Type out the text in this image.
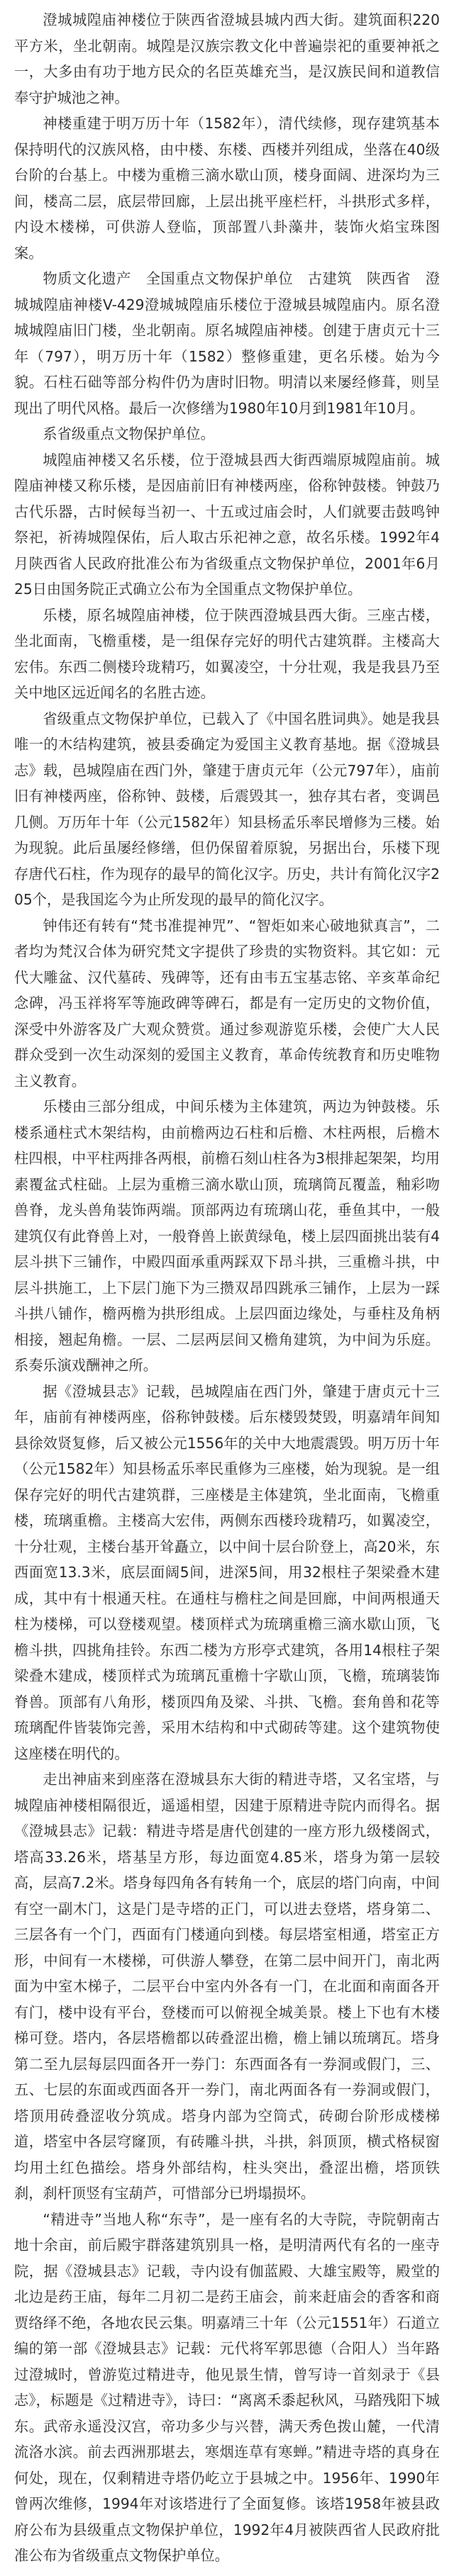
澄城城隍庙神楼位于陕西省澄城县城内西大街。建筑面积220平方米，坐北朝南。城隍是汉族宗教文化中普遍崇祀的重要神祇之一，大多由有功于地方民众的名臣英雄充当，是汉族民间和道教信奉守护城池之神。

神楼重建于明万历十年（1582年），清代续修，现存建筑基本保持明代的汉族风格，由中楼、东楼、西楼并列组成，坐落在40级台阶的台基上。中楼为重檐三滴水歇山顶，楼身面阔、进深均为三间，楼高二层，底层带回廊，上层出挑平座栏杆，斗拱形式多样，内设木楼梯，可供游人登临，顶部置八卦藻井，装饰火焰宝珠图案。

物质文化遗产　全国重点文物保护单位　古建筑　陕西省　澄城城隍庙神楼V-429澄城城隍庙乐楼位于澄城县城隍庙内。原名澄城城隍庙旧门楼，坐北朝南。原名城隍庙神楼。创建于唐贞元十三年（797），明万历十年（1582）整修重建，更名乐楼。始为今貌。石柱石础等部分构件仍为唐时旧物。明清以来屡经修葺，则呈现出了明代风格。最后一次修缮为1980年10月到1981年10月。

系省级重点文物保护单位。

城隍庙神楼又名乐楼，位于澄城县西大街西端原城隍庙前。城隍庙神楼又称乐楼，是因庙前旧有神楼两座，俗称钟鼓楼。钟鼓乃古代乐器，古时候每当初一、十五或过庙会时，人们就要击鼓鸣钟祭祀，祈祷城隍保佑，后人取古乐祀神之意，故名乐楼。1992年4月陕西省人民政府批准公布为省级重点文物保护单位，2001年6月25日由国务院正式确立公布为全国重点文物保护单位。

乐楼，原名城隍庙神楼，位于陕西澄城县西大街。三座古楼，坐北面南，飞檐重楼，是一组保存完好的明代古建筑群。主楼高大宏伟。东西二侧楼玲珑精巧，如翼凌空，十分壮观，我是我县乃至关中地区远近闻名的名胜古迹。

省级重点文物保护单位，已载入了《中国名胜词典》。她是我县唯一的木结构建筑，被县委确定为爱国主义教育基地。据《澄城县志》载，邑城隍庙在西门外，肇建于唐贞元年（公元797年），庙前旧有神楼两座，俗称钟、鼓楼，后震毁其一，独存其右者，变调邑几侧。万历年十年（公元1582年）知县杨孟乐率民增修为三楼。始为现貌。此后虽屡经修缮，但仍保留着原貌，另据出台，乐楼下现存唐代石柱，作为现存的最早的简化汉字。历史，共计有简化汉字205个，是我国迄今为止所发现的最早的简化汉字。

钟伟还有转有“梵书准提神咒”、“智炬如来心破地狱真言”，二者均为梵汉合体为研究梵文字提供了珍贵的实物资料。其它如：元代大雕盆、汉代墓砖、残碑等，还有由韦五宝基志铭、辛亥革命纪念碑，冯玉祥将军等施政碑等碑石，都是有一定历史的文物价值，深受中外游客及广大观众赞赏。通过参观游览乐楼，会使广大人民群众受到一次生动深刻的爱国主义教育，革命传统教育和历史唯物主义教育。

乐楼由三部分组成，中间乐楼为主体建筑，两边为钟鼓楼。乐楼系通柱式木架结构，由前檐两边石柱和后檐、木柱两根，后檐木柱四根，中平柱两排各两根，前檐石刻山柱各为3根排起架架，均用素覆盆式柱础。上层为重檐三滴水歇山顶，琉璃筒瓦覆盖，釉彩吻兽脊，龙头兽角装饰两端。顶部两边有琉璃山花，垂鱼其中，一般建筑仅有此脊兽上对，一般脊兽上嵌黄绿龟，楼上层四面挑出装有4层斗拱下三铺作，中殿四面承重两踩双下昂斗拱，三重檐斗拱，中层斗拱施工，上下层门施下为三攒双昂四跳承三铺作，上层为一踩斗拱八铺作，檐两檐为拱形组成。上层四面边缘处，与垂柱及角柄相接，翘起角檐。一层、二层两层间又檐角建筑，为中间为乐庭。系奏乐演戏酬神之所。

据《澄城县志》记载，邑城隍庙在西门外，肇建于唐贞元十三年，庙前有神楼两座，俗称钟鼓楼。后东楼毁焚毁，明嘉靖年间知县徐效贤复修，后又被公元1556年的关中大地震震毁。明万历十年（公元1582年）知县杨孟乐率民重修为三座楼，始为现貌。是一组保存完好的明代古建筑群，三座楼是主体建筑，坐北面南，飞檐重楼，琉璃重檐。主楼高大宏伟，两侧东西楼玲珑精巧，如翼凌空，十分壮观，主楼台基开耸矗立，以中间十层台阶登上，高20米，东西面宽13.3米，底层面阔5间，进深5间，用32根柱子架梁叠木建成，其中有十根通天柱。在通柱与檐柱之间是回廊，中间两根通天柱为楼梯，可以登楼观望。楼顶样式为琉璃重檐三滴水歇山顶，飞檐斗拱，四挑角挂铃。东西二楼为方形亭式建筑，各用14根柱子架梁叠木建成，楼顶样式为琉璃瓦重檐十字歇山顶，飞檐，琉璃装饰脊兽。顶部有八角形，楼顶四角及梁、斗拱、飞檐。套角兽和花等琉璃配件皆装饰完善，采用木结构和中式砌砖等建。这个建筑物使这座楼在明代的。

走出神庙来到座落在澄城县东大街的精进寺塔，又名宝塔，与城隍庙神楼相隔很近，遥遥相望，因建于原精进寺院内而得名。据《澄城县志》记载：精进寺塔是唐代创建的一座方形九级楼阁式，塔高33.26米，塔基呈方形，每边面宽4.85米，塔身为第一层较高，层高7.2米。塔身每四角各有转角一个，底层的塔门向南，中间有空一副木门，这是门是寺塔的正门，可以进去登塔，塔身第二、三层各有一个门，西面有门楼通向到楼。每层塔室相通，塔室正方形，中间有一木楼梯，可供游人攀登，在第二层中间开门，南北两面为中室木梯子，二层平台中室内外各有一门，在北面和南面各开有门，楼中设有平台，登楼而可以俯视全城美景。楼上下也有木楼梯可登。塔内，各层塔檐都以砖叠涩出檐，檐上铺以琉璃瓦。塔身第二至九层每层四面各开一券门：东西面各有一券洞或假门，三、五、七层的东面或西面各开一券门，南北两面各有一券洞或假门，塔顶用砖叠涩收分筑成。塔身内部为空筒式，砖砌台阶形成楼梯道，塔室中各层穹窿顶，有砖雕斗拱，斗拱，斜顶顶，横式格棂窗均用土红色描绘。塔身外部结构，柱头突出，叠涩出檐，塔顶铁刹，刹杆顶竖有宝葫芦，可惜部分已坍塌损坏。

“精进寺”当地人称“东寺”，是一座有名的大寺院，寺院朝南古地十余亩，前后殿宇群落建筑别具一格，是明清两代有名的一座寺院，据《澄城县志》记载，寺内设有伽蓝殿、大雄宝殿等，殿堂的北边是药王庙，每年二月初二是药王庙会，前来赶庙会的香客和商贾络绎不绝，各地农民云集。明嘉靖三十年（公元1551年）石道立编的第一部《澄城县志》记载：元代将军郭思德（合阳人）当年路过澄城时，曾游览过精进寺，他见景生情，曾写诗一首刻录于《县志》，标题是《过精进寺》，诗曰：“离离禾黍起秋风，马踏残阳下城东。武帝永遥没汉宫，帝功多少与兴替，满天秀色拨山麓，一代清流洛水滨。前去西洲那堪去，寒烟连草有寒蝉。”精进寺塔的真身在何处，现在，仅剩精进寺塔仍屹立于县城之中。1956年、1990年曾两次维修，1994年对该塔进行了全面复修。该塔1958年被县政府公布为县级重点文物保护单位，1992年4月被陕西省人民政府批准公布为省级重点文物保护单位。
